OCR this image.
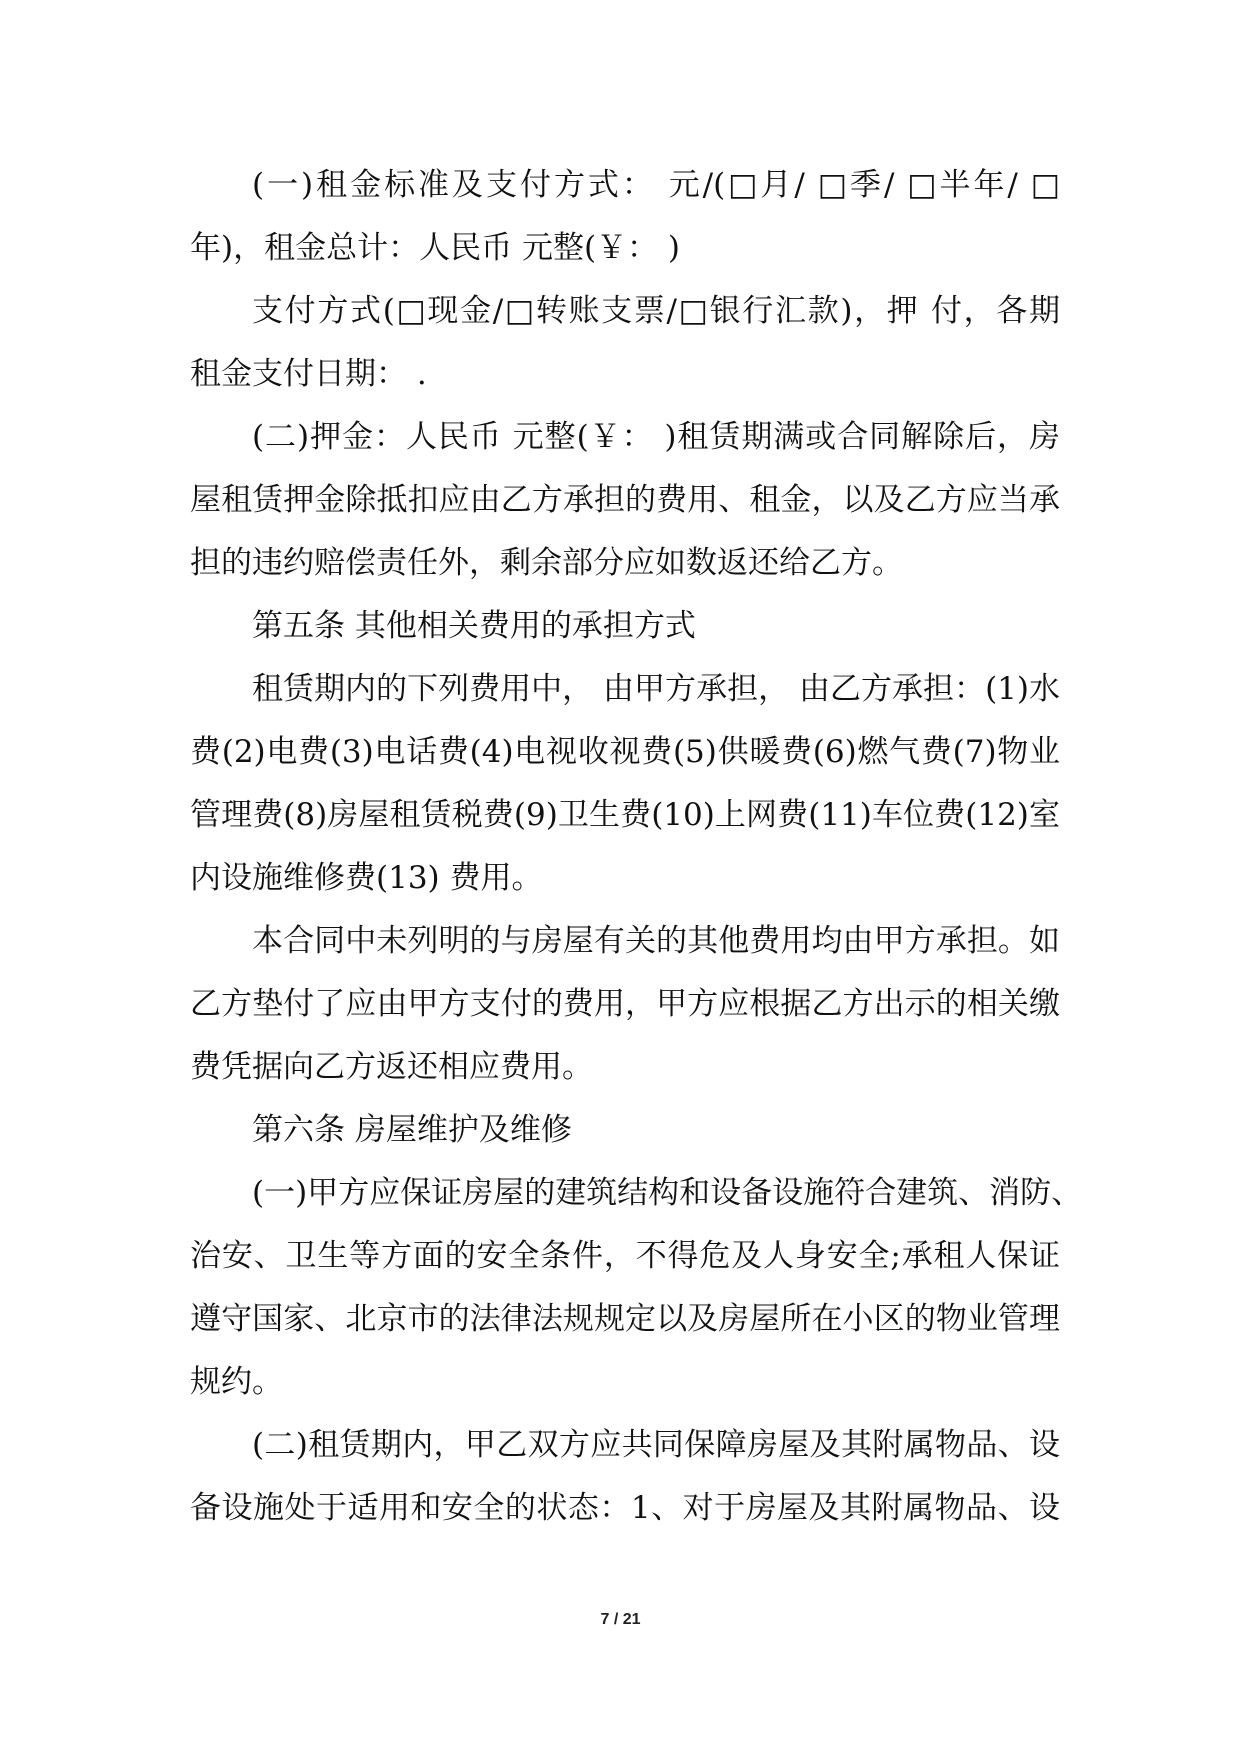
(一)租金标准及支付方式： 元/(□月/ □季/ □半年/ □
年)，租金总计：人民币 元整(￥： )
支付方式(□现金/□转账支票/□银行汇款)，押 付，各期
租金支付日期： .
(二)押金：人民币 元整(￥： )租赁期满或合同解除后，房
屋租赁押金除抵扣应由乙方承担的费用、租金，以及乙方应当承
担的违约赔偿责任外，剩余部分应如数返还给乙方。
第五条 其他相关费用的承担方式
租赁期内的下列费用中， 由甲方承担， 由乙方承担：(1)水
费(2)电费(3)电话费(4)电视收视费(5)供暖费(6)燃气费(7)物业
管理费(8)房屋租赁税费(9)卫生费(10)上网费(11)车位费(12)室
内设施维修费(13) 费用。
本合同中未列明的与房屋有关的其他费用均由甲方承担。如
乙方垫付了应由甲方支付的费用，甲方应根据乙方出示的相关缴
费凭据向乙方返还相应费用。
第六条 房屋维护及维修
(一)甲方应保证房屋的建筑结构和设备设施符合建筑、消防、
治安、卫生等方面的安全条件，不得危及人身安全;承租人保证
遵守国家、北京市的法律法规规定以及房屋所在小区的物业管理
规约。
(二)租赁期内，甲乙双方应共同保障房屋及其附属物品、设
备设施处于适用和安全的状态：1、对于房屋及其附属物品、设
7 / 21
